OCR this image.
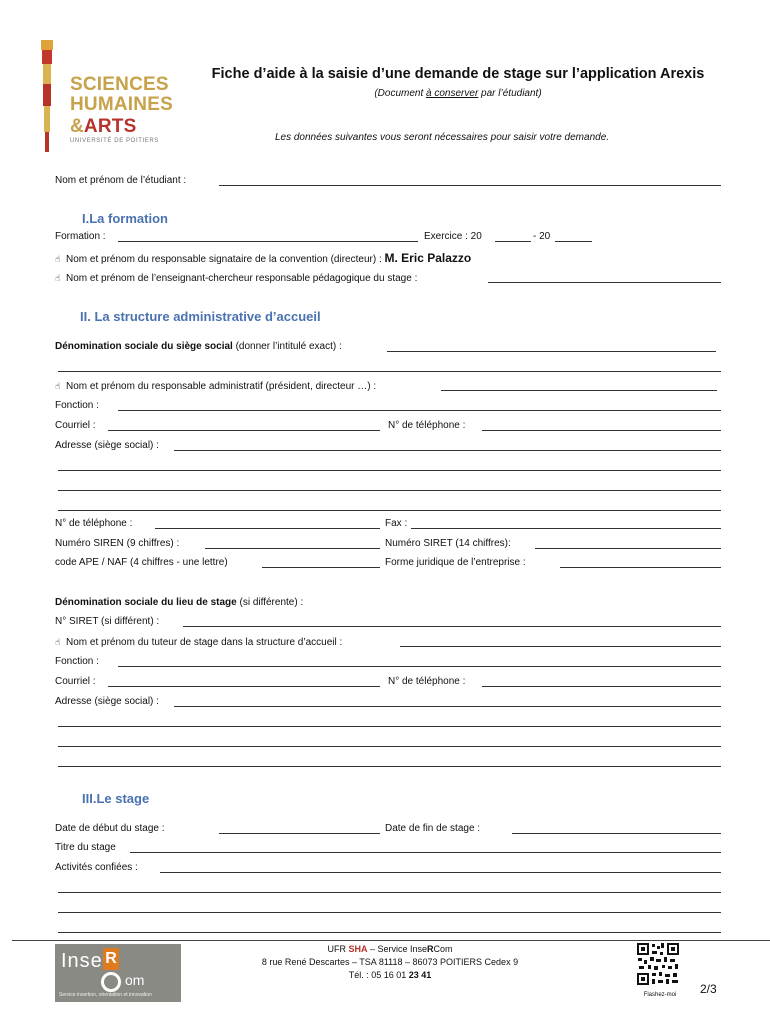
SCIENCES
HUMAINES
&ARTS
UNIVERSITÉ DE POITIERS
Fiche d’aide à la saisie d’une demande de stage sur l’application Arexis
(Document à conserver par l’étudiant)
Les données suivantes vous seront nécessaires pour saisir votre demande.
Nom et prénom de l’étudiant :
I.La formation
Formation :	Exercice : 20	- 20
☝ Nom et prénom du responsable signataire de la convention (directeur) : M. Eric Palazzo
☝ Nom et prénom de l’enseignant-chercheur responsable pédagogique du stage :
II. La structure administrative d’accueil
Dénomination sociale du siège social (donner l’intitulé exact) :
☝ Nom et prénom du responsable administratif (président, directeur …) :
Fonction :
Courriel :	N° de téléphone :
Adresse (siège social) :
N° de téléphone :	Fax :
Numéro SIREN (9 chiffres) :	Numéro SIRET (14 chiffres):
code APE / NAF (4 chiffres - une lettre)	Forme juridique de l’entreprise :
Dénomination sociale du lieu de stage (si différente) :
N° SIRET (si différent) :
☝ Nom et prénom du tuteur de stage dans la structure d’accueil :
Fonction :
Courriel :	N° de téléphone :
Adresse (siège social) :
III.Le stage
Date de début du stage :	Date de fin de stage :
Titre du stage
Activités confiées :
Inse R
om
Service insertion, orientation et innovation
UFR SHA – Service InseRCom
8 rue René Descartes – TSA 81118 – 86073 POITIERS Cedex 9
Tél. : 05 16 01 23 41
Flashez-moi	2/3
